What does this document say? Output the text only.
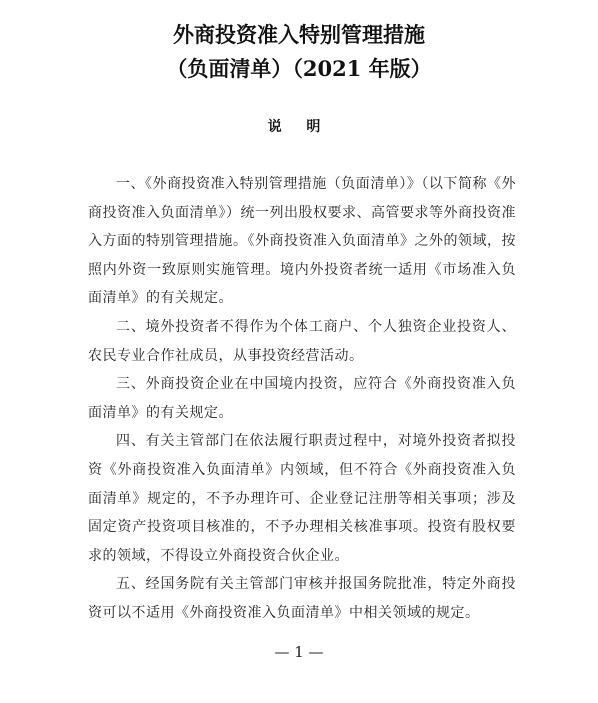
外商投资准入特别管理措施
（负面清单）（2021 年版）
说 明

一、《外商投资准入特别管理措施（负面清单）》（以下简称《外商投资准入负面清单》）统一列出股权要求、高管要求等外商投资准入方面的特别管理措施。《外商投资准入负面清单》之外的领域，按照内外资一致原则实施管理。境内外投资者统一适用《市场准入负面清单》的有关规定。

二、境外投资者不得作为个体工商户、个人独资企业投资人、农民专业合作社成员，从事投资经营活动。

三、外商投资企业在中国境内投资，应符合《外商投资准入负面清单》的有关规定。

四、有关主管部门在依法履行职责过程中，对境外投资者拟投资《外商投资准入负面清单》内领域，但不符合《外商投资准入负面清单》规定的，不予办理许可、企业登记注册等相关事项；涉及固定资产投资项目核准的，不予办理相关核准事项。投资有股权要求的领域，不得设立外商投资合伙企业。

五、经国务院有关主管部门审核并报国务院批准，特定外商投资可以不适用《外商投资准入负面清单》中相关领域的规定。

— 1 —
